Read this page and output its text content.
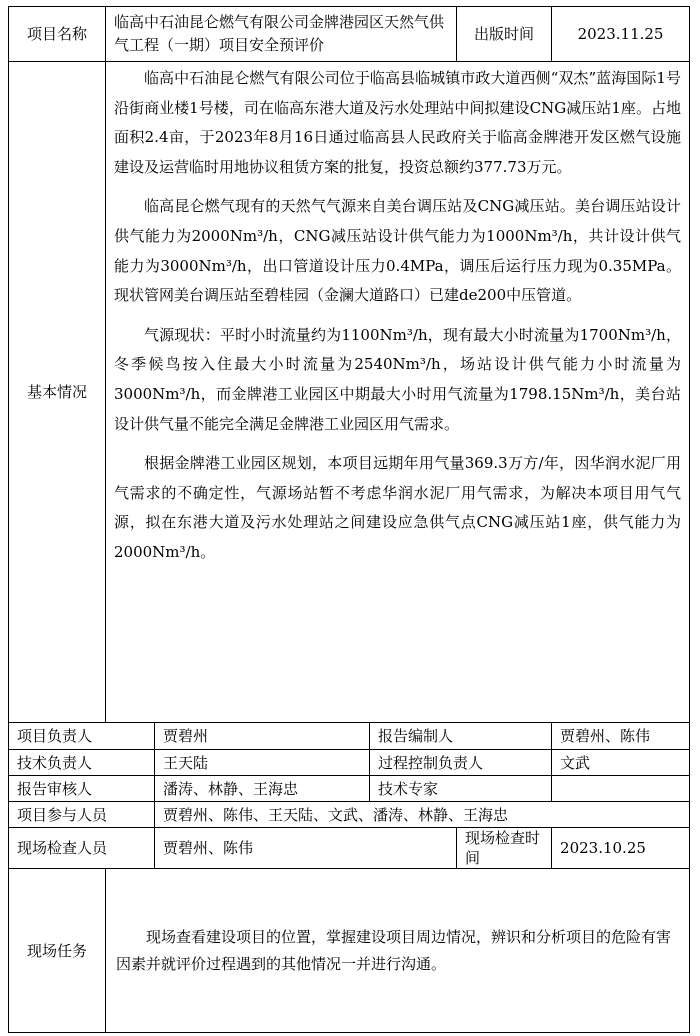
项目名称	临高中石油昆仑燃气有限公司金牌港园区天然气供气工程（一期）项目安全预评价			出版时间	2023.11.25
基本情况	临高中石油昆仑燃气有限公司位于临高县临城镇市政大道西侧“双杰”蓝海国际1号沿街商业楼1号楼，司在临高东港大道及污水处理站中间拟建设CNG减压站1座。占地面积2.4亩，于2023年8月16日通过临高县人民政府关于临高金牌港开发区燃气设施建设及运营临时用地协议租赁方案的批复，投资总额约377.73万元。

临高昆仑燃气现有的天然气气源来自美台调压站及CNG减压站。美台调压站设计供气能力为2000Nm³/h，CNG减压站设计供气能力为1000Nm³/h，共计设计供气能力为3000Nm³/h，出口管道设计压力0.4MPa，调压后运行压力现为0.35MPa。现状管网美台调压站至碧桂园（金澜大道路口）已建de200中压管道。

气源现状：平时小时流量约为1100Nm³/h，现有最大小时流量为1700Nm³/h，冬季候鸟按入住最大小时流量为2540Nm³/h，场站设计供气能力小时流量为3000Nm³/h，而金牌港工业园区中期最大小时用气流量为1798.15Nm³/h，美台站设计供气量不能完全满足金牌港工业园区用气需求。

根据金牌港工业园区规划，本项目远期年用气量369.3万方/年，因华润水泥厂用气需求的不确定性，气源场站暂不考虑华润水泥厂用气需求，为解决本项目用气气源，拟在东港大道及污水处理站之间建设应急供气点CNG减压站1座，供气能力为2000Nm³/h。				

项目负责人		贾碧州	报告编制人		贾碧州、陈伟
技术负责人		王天陆	过程控制负责人		文武
报告审核人		潘涛、林静、王海忠	技术专家		
项目参与人员		贾碧州、陈伟、王天陆、文武、潘涛、林静、王海忠			
现场检查人员		贾碧州、陈伟		现场检查时间	2023.10.25
现场任务	现场查看建设项目的位置，掌握建设项目周边情况，辨识和分析项目的危险有害因素并就评价过程遇到的其他情况一并进行沟通。				
